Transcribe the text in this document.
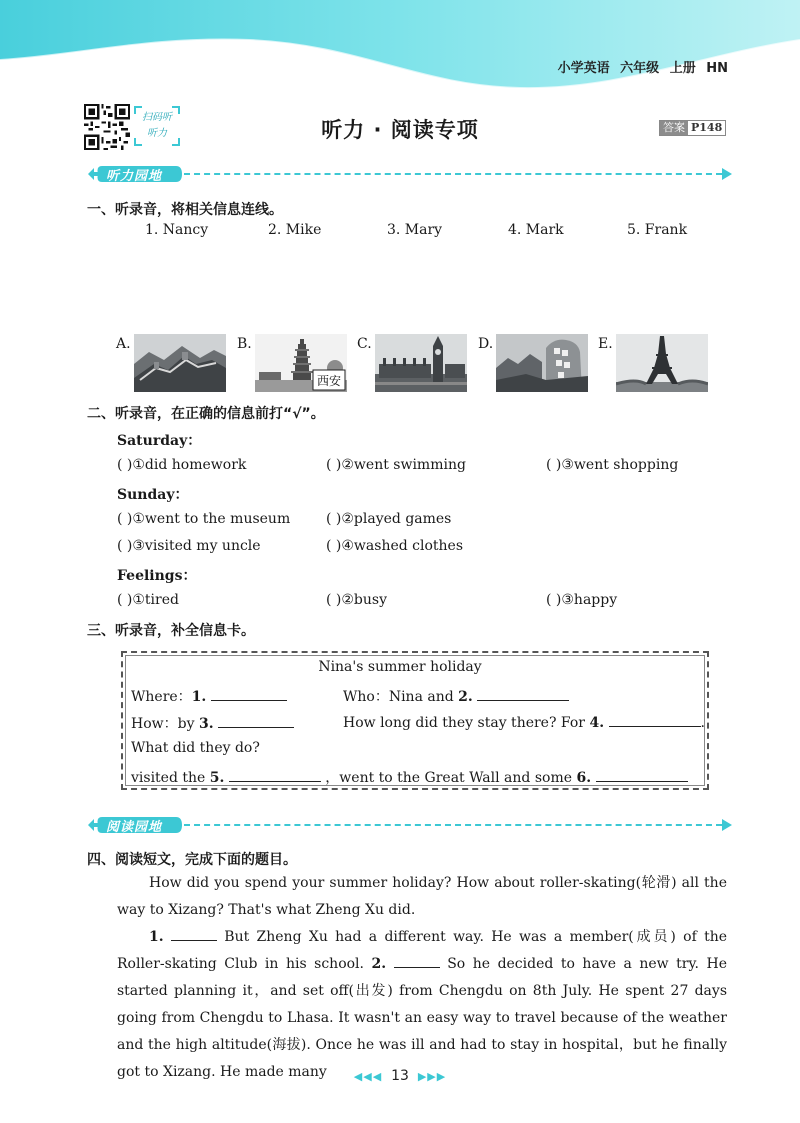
小学英语 六年级 上册 HN
扫码听听力	听力 · 阅读专项	答案 P148
听力园地
一、听录音，将相关信息连线。
1. Nancy	2. Mike	3. Mary	4. Mark	5. Frank
A.	B.
西安
C.	D.	E.
二、听录音，在正确的信息前打“√”。
Saturday：
( )①did homework	( )②went swimming	( )③went shopping
Sunday：
( )①went to the museum	( )②played games
( )③visited my uncle	( )④washed clothes
Feelings：
( )①tired	( )②busy	( )③happy
三、听录音，补全信息卡。
Nina's summer holiday
Where：1.	Who：Nina and 2.
How：by 3.	How long did they stay there? For 4.	.
What did they do?
visited the 5.	，went to the Great Wall and some 6.
阅读园地
四、阅读短文，完成下面的题目。
How did you spend your summer holiday? How about roller-skating(轮滑) all the way to Xizang? That's what Zheng Xu did.
1.	But Zheng Xu had a different way. He was a member(成员) of the Roller-skating Club in his school. 2.	So he decided to have a new try. He started planning it，and set off(出发) from Chengdu on 8th July. He spent 27 days going from Chengdu to Lhasa. It wasn't an easy way to travel because of the weather and the high altitude(海拔). Once he was ill and had to stay in hospital，but he finally got to Xizang. He made many	◀◀◀ 13 ▶▶▶
